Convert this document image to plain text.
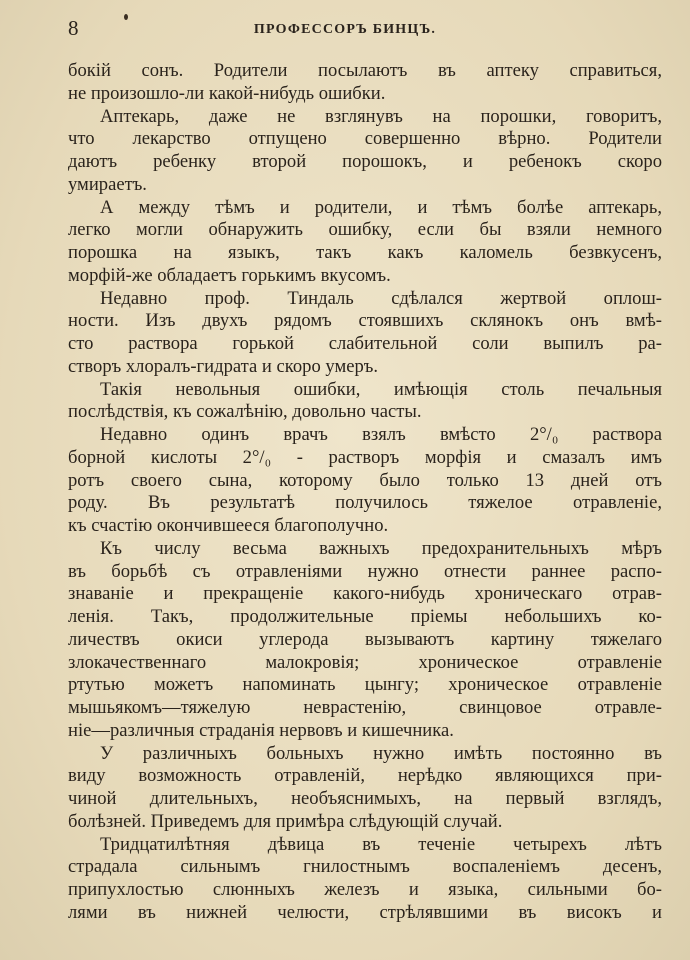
8	ПРОФЕССОРЪ БИНЦЪ.
бокій сонъ. Родители посылаютъ въ аптеку справиться,
не произошло-ли какой-нибудь ошибки.
Аптекарь, даже не взглянувъ на порошки, говоритъ,
что лекарство отпущено совершенно вѣрно. Родители
даютъ ребенку второй порошокъ, и ребенокъ скоро
умираетъ.
А между тѣмъ и родители, и тѣмъ болѣе аптекарь,
легко могли обнаружить ошибку, если бы взяли немного
порошка на языкъ, такъ какъ каломель безвкусенъ,
морфій-же обладаетъ горькимъ вкусомъ.
Недавно проф. Тиндаль сдѣлался жертвой оплош-
ности. Изъ двухъ рядомъ стоявшихъ склянокъ онъ вмѣ-
сто раствора горькой слабительной соли выпилъ ра-
створъ хлоралъ-гидрата и скоро умеръ.
Такія невольныя ошибки, имѣющія столь печальныя
послѣдствія, къ сожалѣнію, довольно часты.
Недавно одинъ врачъ взялъ вмѣсто 2°/₀ раствора
борной кислоты 2°/₀ - растворъ морфія и смазалъ имъ
ротъ своего сына, которому было только 13 дней отъ
роду. Въ результатѣ получилось тяжелое отравленіе,
къ счастію окончившееся благополучно.
Къ числу весьма важныхъ предохранительныхъ мѣръ
въ борьбѣ съ отравленіями нужно отнести раннее распо-
знаваніе и прекращеніе какого-нибудь хроническаго отрав-
ленія. Такъ, продолжительные пріемы небольшихъ ко-
личествъ окиси углерода вызываютъ картину тяжелаго
злокачественнаго малокровія; хроническое отравленіе
ртутью можетъ напоминать цынгу; хроническое отравленіе
мышьякомъ—тяжелую неврастенію, свинцовое отравле-
ніе—различныя страданія нервовъ и кишечника.
У различныхъ больныхъ нужно имѣть постоянно въ
виду возможность отравленій, нерѣдко являющихся при-
чиной длительныхъ, необъяснимыхъ, на первый взглядъ,
болѣзней. Приведемъ для примѣра слѣдующій случай.
Тридцатилѣтняя дѣвица въ теченіе четырехъ лѣтъ
страдала сильнымъ гнилостнымъ воспаленіемъ десенъ,
припухлостью слюнныхъ железъ и языка, сильными бо-
лями въ нижней челюсти, стрѣлявшими въ високъ и
